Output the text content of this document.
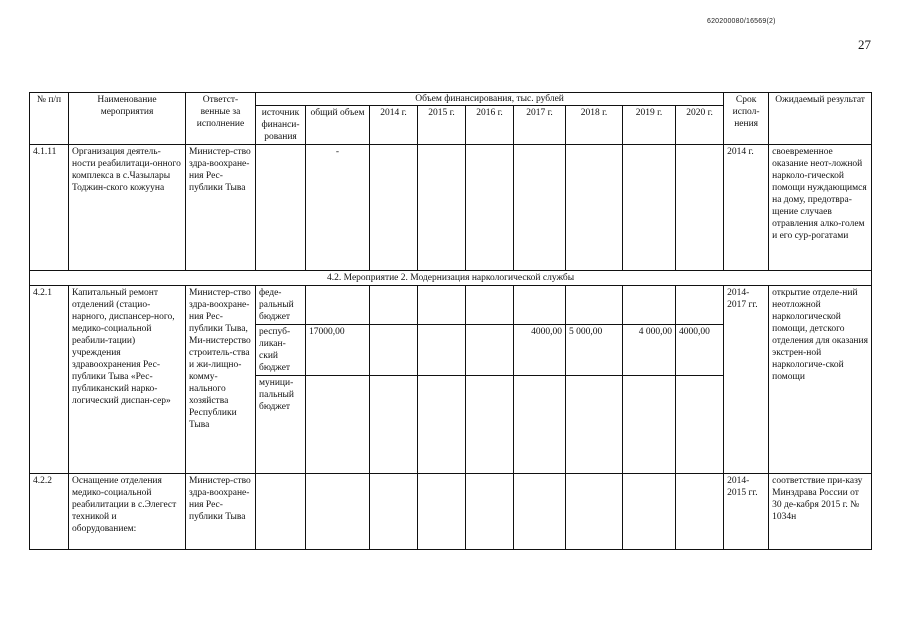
620200080/16569(2)
27
№ п/п	Наименование мероприятия	Ответст-венные за исполнение	Объем финансирования, тыс. рублей									Срок испол-нения	Ожидаемый результат
			источник финанси-рования	общий объем	2014 г.	2015 г.	2016 г.	2017 г.	2018 г.	2019 г.	2020 г.		
4.1.11	Организация деятель-ности реабилитаци-онного комплекса в с.Чазылары Тоджин-ского кожууна	Министер-ство здра-воохране-ния Рес-публики Тыва		-								2014 г.	своевременное оказание неот-ложной нарколо-гической помощи нуждающимся на дому, предотвра-щение случаев отравления алко-голем и его сур-рогатами
4.2. Мероприятие 2. Модернизация наркологической службы													
4.2.1	Капитальный ремонт отделений (стацио-нарного, диспансер-ного, медико-социальной реабили-тации) учреждения здравоохранения Рес-публики Тыва «Рес-публиканский нарко-логический диспан-сер»	Министер-ство здра-воохране-ния Рес-публики Тыва, Ми-нистерство строитель-ства и жи-лищно-комму-нального хозяйства Республики Тыва	феде-ральный бюджет									2014-2017 гг.	открытие отделе-ний неотложной наркологической помощи, детского отделения для оказания экстрен-ной наркологиче-ской помощи
			респуб-ликан-ский бюджет	17000,00				4000,00	5 000,00	4 000,00	4000,00		
			муници-пальный бюджет										
4.2.2	Оснащение отделения медико-социальной реабилитации в с.Элегест техникой и оборудованием:	Министер-ство здра-воохране-ния Рес-публики Тыва										2014-2015 гг.	соответствие при-казу Минздрава России от 30 де-кабря 2015 г. № 1034н
